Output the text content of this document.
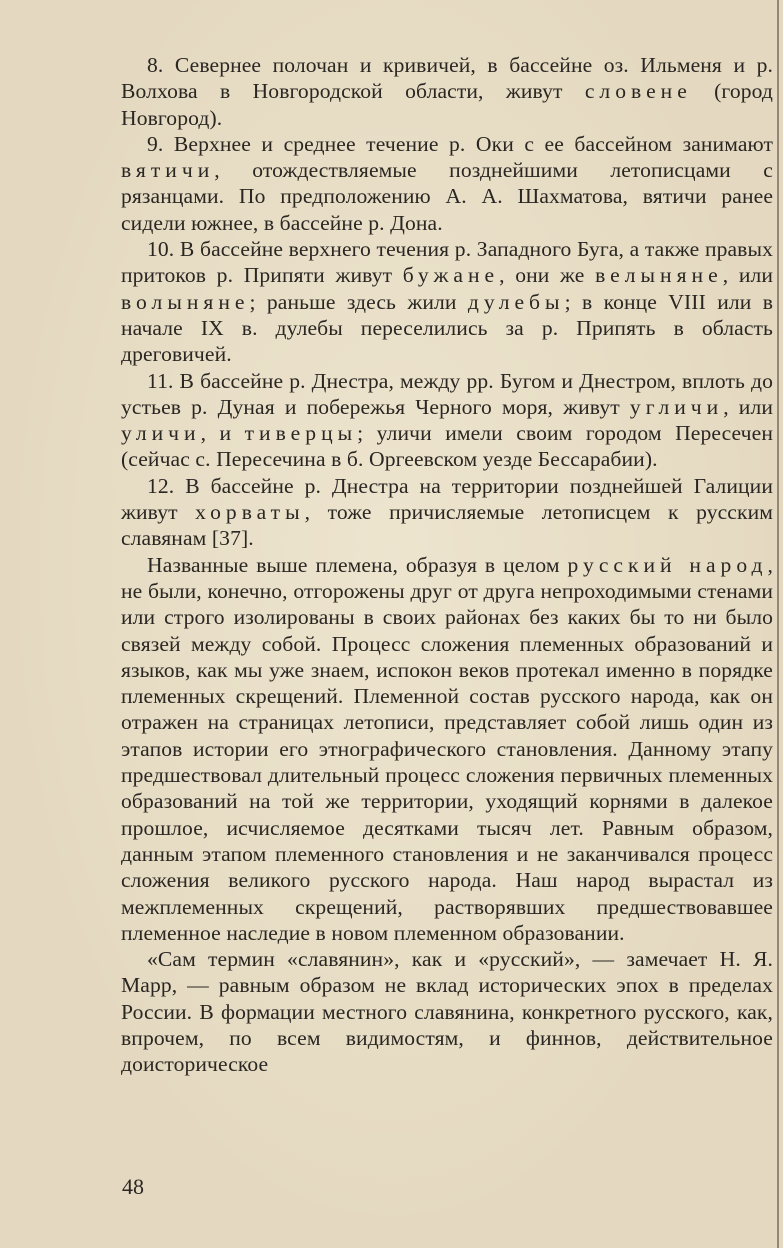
8. Севернее полочан и кривичей, в бассейне оз. Ильменя и р. Волхова в Новгородской области, живут словене (город Новгород).

9. Верхнее и среднее течение р. Оки с ее бассейном занимают вятичи, отождествляемые позднейшими летописцами с рязанцами. По предположению А. А. Шахматова, вятичи ранее сидели южнее, в бассейне р. Дона.

10. В бассейне верхнего течения р. Западного Буга, а также правых притоков р. Припяти живут бужане, они же велыняне, или волыняне; раньше здесь жили дулебы; в конце VIII или в начале IX в. дулебы переселились за р. Припять в область дреговичей.

11. В бассейне р. Днестра, между рр. Бугом и Днестром, вплоть до устьев р. Дуная и побережья Черного моря, живут угличи, или уличи, и тиверцы; уличи имели своим городом Пересечен (сейчас с. Пересечина в б. Оргеевском уезде Бессарабии).

12. В бассейне р. Днестра на территории позднейшей Галиции живут хорваты, тоже причисляемые летописцем к русским славянам [37].

Названные выше племена, образуя в целом русский народ, не были, конечно, отгорожены друг от друга непроходимыми стенами или строго изолированы в своих районах без каких бы то ни было связей между собой. Процесс сложения племенных образований и языков, как мы уже знаем, испокон веков протекал именно в порядке племенных скрещений. Племенной состав русского народа, как он отражен на страницах летописи, представляет собой лишь один из этапов истории его этнографического становления. Данному этапу предшествовал длительный процесс сложения первичных племенных образований на той же территории, уходящий корнями в далекое прошлое, исчисляемое десятками тысяч лет. Равным образом, данным этапом племенного становления и не заканчивался процесс сложения великого русского народа. Наш народ вырастал из межплеменных скрещений, растворявших предшествовавшее племенное наследие в новом племенном образовании.

«Сам термин «славянин», как и «русский», — замечает Н. Я. Марр, — равным образом не вклад исторических эпох в пределах России. В формации местного славянина, конкретного русского, как, впрочем, по всем видимостям, и финнов, действительное доисторическое

48
